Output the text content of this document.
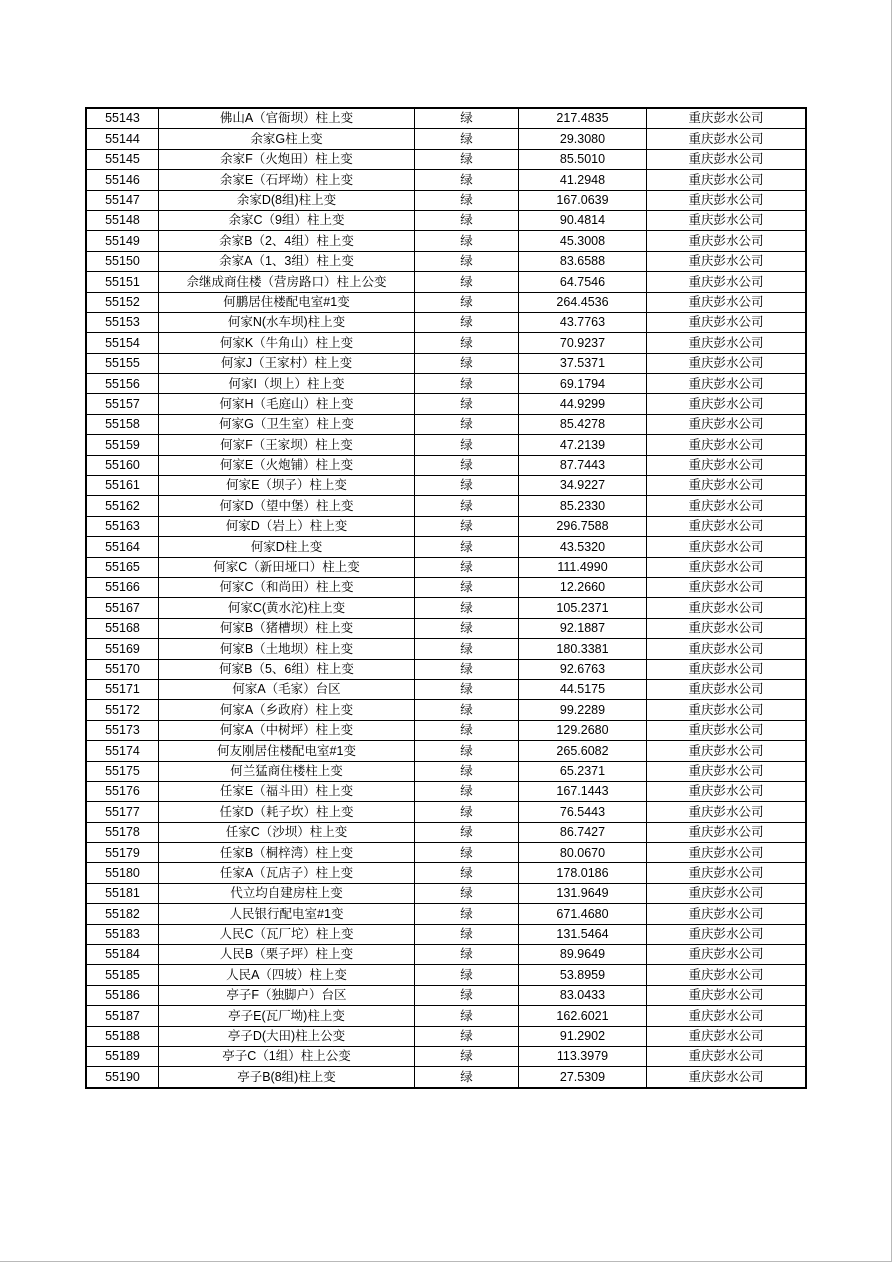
55143	佛山A（官衙坝）柱上变	绿	217.4835	重庆彭水公司
55144	余家G柱上变	绿	29.3080	重庆彭水公司
55145	余家F（火炮田）柱上变	绿	85.5010	重庆彭水公司
55146	余家E（石坪坳）柱上变	绿	41.2948	重庆彭水公司
55147	余家D(8组)柱上变	绿	167.0639	重庆彭水公司
55148	余家C（9组）柱上变	绿	90.4814	重庆彭水公司
55149	余家B（2、4组）柱上变	绿	45.3008	重庆彭水公司
55150	余家A（1、3组）柱上变	绿	83.6588	重庆彭水公司
55151	佘继成商住楼（营房路口）柱上公变	绿	64.7546	重庆彭水公司
55152	何鹏居住楼配电室#1变	绿	264.4536	重庆彭水公司
55153	何家N(水车坝)柱上变	绿	43.7763	重庆彭水公司
55154	何家K（牛角山）柱上变	绿	70.9237	重庆彭水公司
55155	何家J（王家村）柱上变	绿	37.5371	重庆彭水公司
55156	何家I（坝上）柱上变	绿	69.1794	重庆彭水公司
55157	何家H（毛庭山）柱上变	绿	44.9299	重庆彭水公司
55158	何家G（卫生室）柱上变	绿	85.4278	重庆彭水公司
55159	何家F（王家坝）柱上变	绿	47.2139	重庆彭水公司
55160	何家E（火炮铺）柱上变	绿	87.7443	重庆彭水公司
55161	何家E（坝子）柱上变	绿	34.9227	重庆彭水公司
55162	何家D（望中堡）柱上变	绿	85.2330	重庆彭水公司
55163	何家D（岩上）柱上变	绿	296.7588	重庆彭水公司
55164	何家D柱上变	绿	43.5320	重庆彭水公司
55165	何家C（新田垭口）柱上变	绿	111.4990	重庆彭水公司
55166	何家C（和尚田）柱上变	绿	12.2660	重庆彭水公司
55167	何家C(黄水沱)柱上变	绿	105.2371	重庆彭水公司
55168	何家B（猪槽坝）柱上变	绿	92.1887	重庆彭水公司
55169	何家B（土地坝）柱上变	绿	180.3381	重庆彭水公司
55170	何家B（5、6组）柱上变	绿	92.6763	重庆彭水公司
55171	何家A（毛家）台区	绿	44.5175	重庆彭水公司
55172	何家A（乡政府）柱上变	绿	99.2289	重庆彭水公司
55173	何家A（中树坪）柱上变	绿	129.2680	重庆彭水公司
55174	何友刚居住楼配电室#1变	绿	265.6082	重庆彭水公司
55175	何兰猛商住楼柱上变	绿	65.2371	重庆彭水公司
55176	任家E（福斗田）柱上变	绿	167.1443	重庆彭水公司
55177	任家D（耗子坎）柱上变	绿	76.5443	重庆彭水公司
55178	任家C（沙坝）柱上变	绿	86.7427	重庆彭水公司
55179	任家B（桐梓湾）柱上变	绿	80.0670	重庆彭水公司
55180	任家A（瓦店子）柱上变	绿	178.0186	重庆彭水公司
55181	代立均自建房柱上变	绿	131.9649	重庆彭水公司
55182	人民银行配电室#1变	绿	671.4680	重庆彭水公司
55183	人民C（瓦厂坨）柱上变	绿	131.5464	重庆彭水公司
55184	人民B（栗子坪）柱上变	绿	89.9649	重庆彭水公司
55185	人民A（四坡）柱上变	绿	53.8959	重庆彭水公司
55186	亭子F（独脚户）台区	绿	83.0433	重庆彭水公司
55187	亭子E(瓦厂坳)柱上变	绿	162.6021	重庆彭水公司
55188	亭子D(大田)柱上公变	绿	91.2902	重庆彭水公司
55189	亭子C（1组）柱上公变	绿	113.3979	重庆彭水公司
55190	亭子B(8组)柱上变	绿	27.5309	重庆彭水公司
